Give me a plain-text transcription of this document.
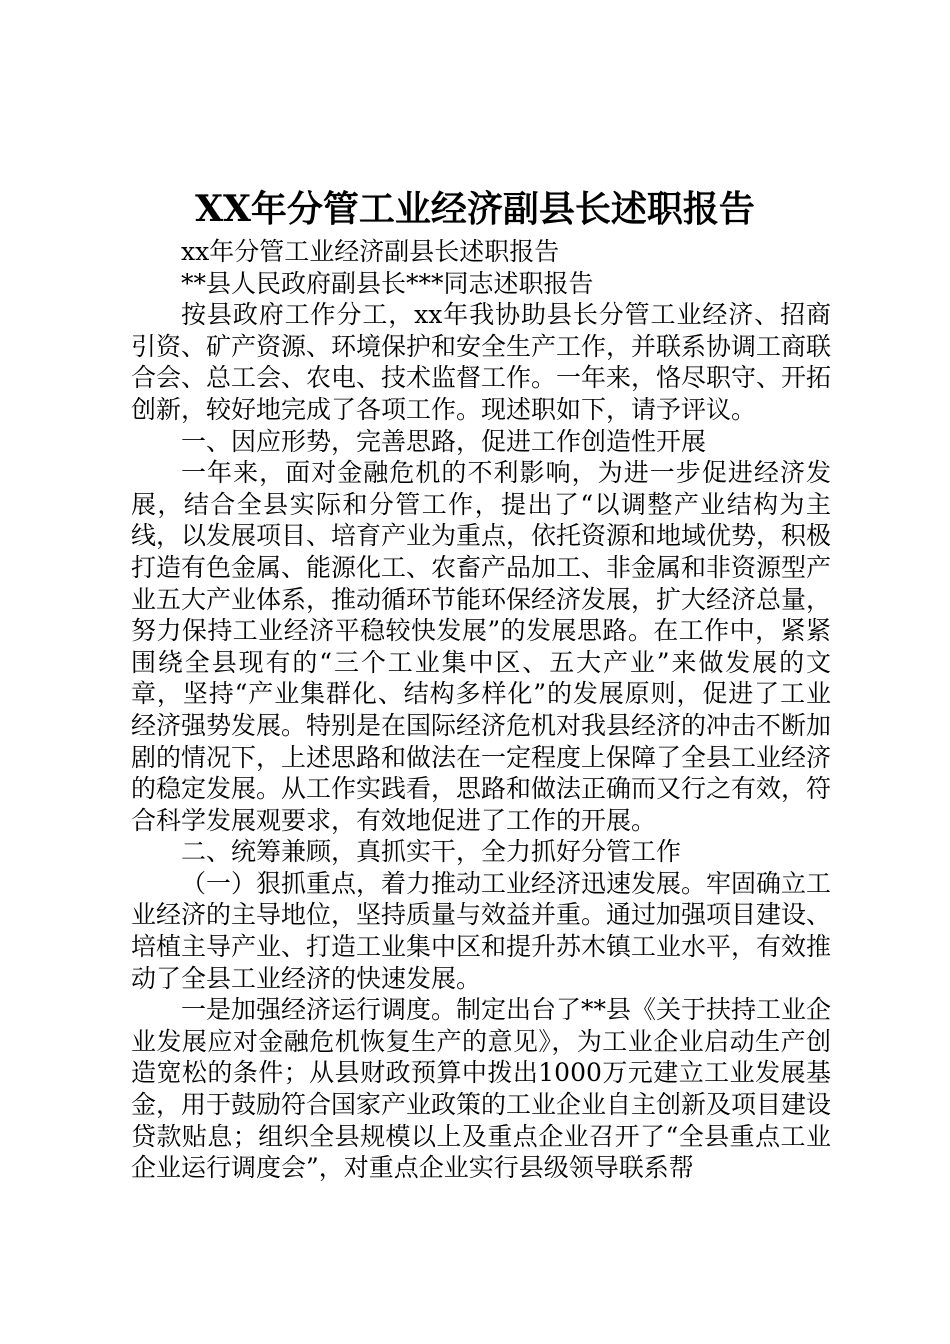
XX年分管工业经济副县长述职报告

xx年分管工业经济副县长述职报告

**县人民政府副县长***同志述职报告

按县政府工作分工，xx年我协助县长分管工业经济、招商引资、矿产资源、环境保护和安全生产工作，并联系协调工商联合会、总工会、农电、技术监督工作。一年来，恪尽职守、开拓创新，较好地完成了各项工作。现述职如下，请予评议。

一、因应形势，完善思路，促进工作创造性开展

一年来，面对金融危机的不利影响，为进一步促进经济发展，结合全县实际和分管工作，提出了“以调整产业结构为主线，以发展项目、培育产业为重点，依托资源和地域优势，积极打造有色金属、能源化工、农畜产品加工、非金属和非资源型产业五大产业体系，推动循环节能环保经济发展，扩大经济总量，努力保持工业经济平稳较快发展”的发展思路。在工作中，紧紧围绕全县现有的“三个工业集中区、五大产业”来做发展的文章，坚持“产业集群化、结构多样化”的发展原则，促进了工业经济强势发展。特别是在国际经济危机对我县经济的冲击不断加剧的情况下，上述思路和做法在一定程度上保障了全县工业经济的稳定发展。从工作实践看，思路和做法正确而又行之有效，符合科学发展观要求，有效地促进了工作的开展。

二、统筹兼顾，真抓实干，全力抓好分管工作

（一）狠抓重点，着力推动工业经济迅速发展。牢固确立工业经济的主导地位，坚持质量与效益并重。通过加强项目建设、培植主导产业、打造工业集中区和提升苏木镇工业水平，有效推动了全县工业经济的快速发展。

一是加强经济运行调度。制定出台了**县《关于扶持工业企业发展应对金融危机恢复生产的意见》，为工业企业启动生产创造宽松的条件；从县财政预算中拨出1000万元建立工业发展基金，用于鼓励符合国家产业政策的工业企业自主创新及项目建设贷款贴息；组织全县规模以上及重点企业召开了“全县重点工业企业运行调度会”，对重点企业实行县级领导联系帮
